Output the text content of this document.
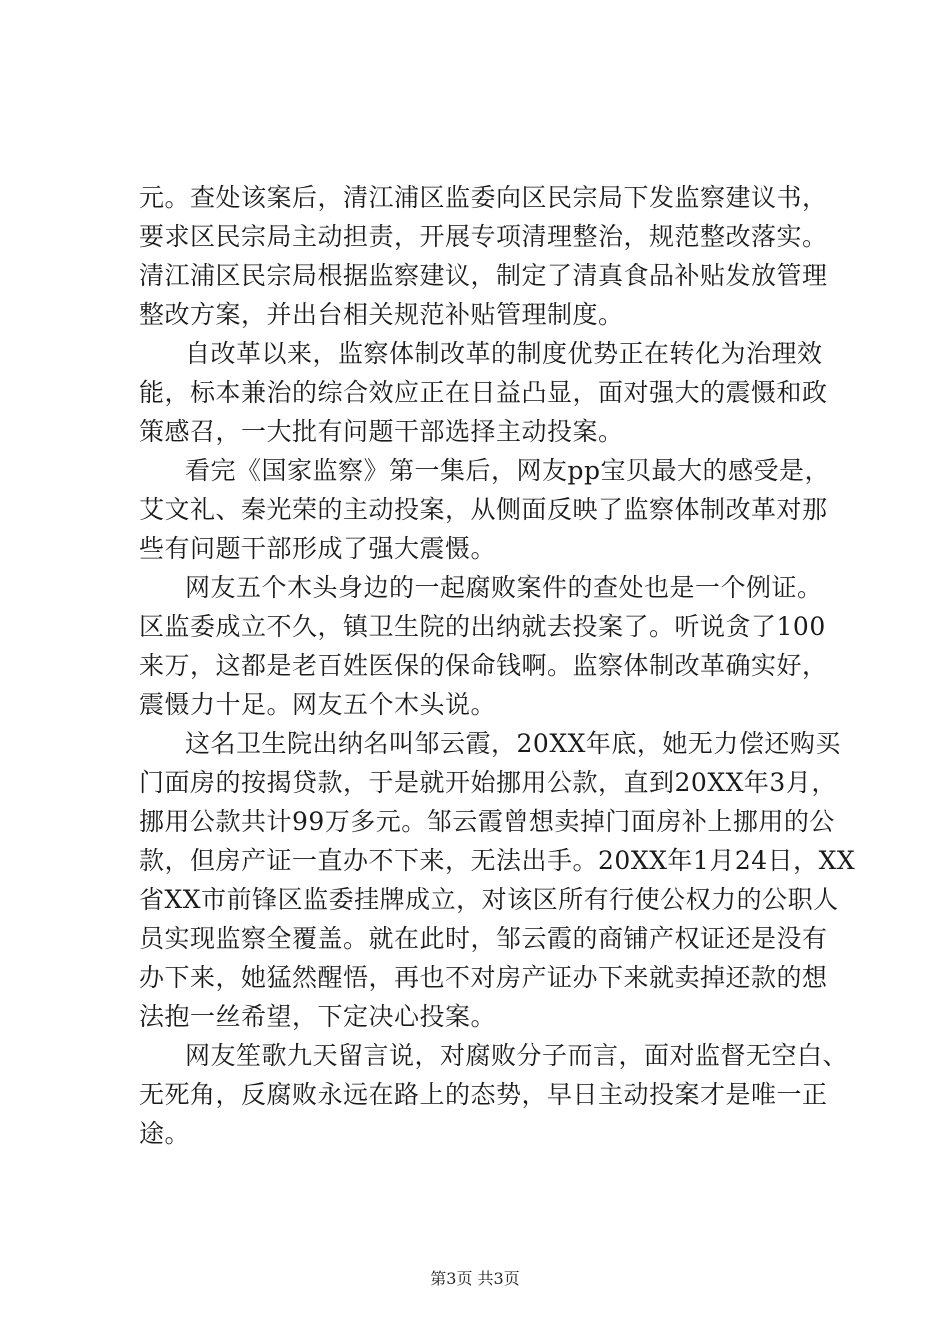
元。查处该案后，清江浦区监委向区民宗局下发监察建议书，
要求区民宗局主动担责，开展专项清理整治，规范整改落实。
清江浦区民宗局根据监察建议，制定了清真食品补贴发放管理
整改方案，并出台相关规范补贴管理制度。
自改革以来，监察体制改革的制度优势正在转化为治理效
能，标本兼治的综合效应正在日益凸显，面对强大的震慑和政
策感召，一大批有问题干部选择主动投案。
看完《国家监察》第一集后，网友pp宝贝最大的感受是，
艾文礼、秦光荣的主动投案，从侧面反映了监察体制改革对那
些有问题干部形成了强大震慑。
网友五个木头身边的一起腐败案件的查处也是一个例证。
区监委成立不久，镇卫生院的出纳就去投案了。听说贪了100
来万，这都是老百姓医保的保命钱啊。监察体制改革确实好，
震慑力十足。网友五个木头说。
这名卫生院出纳名叫邹云霞，20XX年底，她无力偿还购买
门面房的按揭贷款，于是就开始挪用公款，直到20XX年3月，
挪用公款共计99万多元。邹云霞曾想卖掉门面房补上挪用的公
款，但房产证一直办不下来，无法出手。20XX年1月24日，XX
省XX市前锋区监委挂牌成立，对该区所有行使公权力的公职人
员实现监察全覆盖。就在此时，邹云霞的商铺产权证还是没有
办下来，她猛然醒悟，再也不对房产证办下来就卖掉还款的想
法抱一丝希望，下定决心投案。
网友笙歌九天留言说，对腐败分子而言，面对监督无空白、
无死角，反腐败永远在路上的态势，早日主动投案才是唯一正
途。
第3页 共3页
